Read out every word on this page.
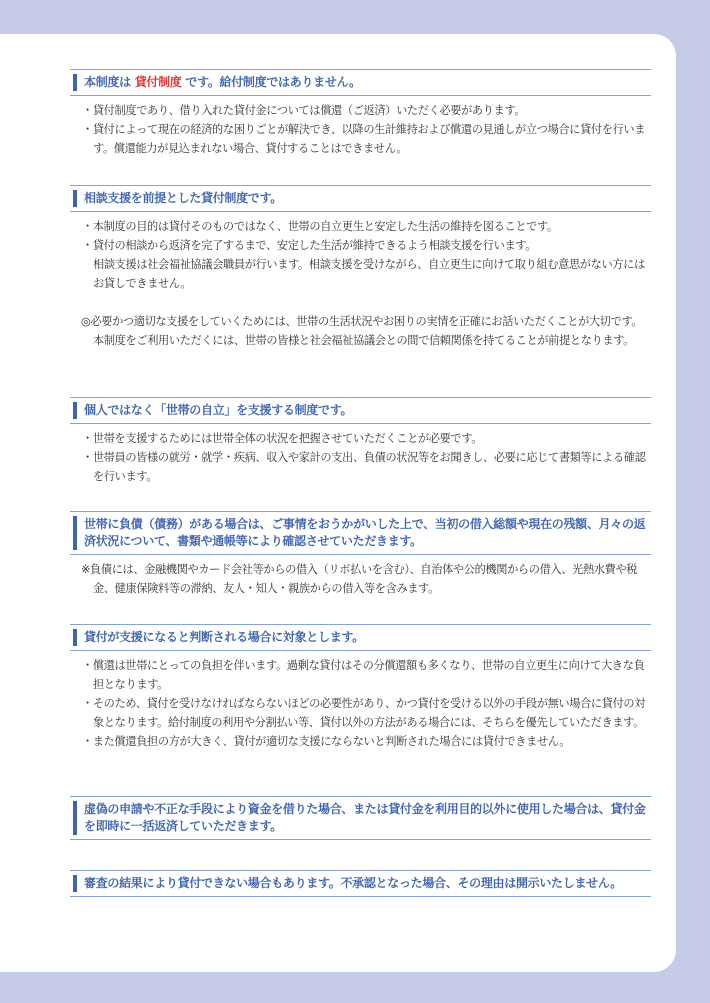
本制度は 貸付制度 です。給付制度ではありません。
・貸付制度であり、借り入れた貸付金については償還（ご返済）いただく必要があります。
・貸付によって現在の経済的な困りごとが解決でき、以降の生計維持および償還の見通しが立つ場合に貸付を行います。償還能力が見込まれない場合、貸付することはできません。
相談支援を前提とした貸付制度です。
・本制度の目的は貸付そのものではなく、世帯の自立更生と安定した生活の維持を図ることです。
・貸付の相談から返済を完了するまで、安定した生活が維持できるよう相談支援を行います。
相談支援は社会福祉協議会職員が行います。相談支援を受けながら、自立更生に向けて取り組む意思がない方にはお貸しできません。
◎必要かつ適切な支援をしていくためには、世帯の生活状況やお困りの実情を正確にお話いただくことが大切です。本制度をご利用いただくには、世帯の皆様と社会福祉協議会との間で信頼関係を持てることが前提となります。
個人ではなく「世帯の自立」を支援する制度です。
・世帯を支援するためには世帯全体の状況を把握させていただくことが必要です。
・世帯員の皆様の就労・就学・疾病、収入や家計の支出、負債の状況等をお聞きし、必要に応じて書類等による確認を行います。
世帯に負債（債務）がある場合は、ご事情をおうかがいした上で、当初の借入総額や現在の残額、月々の返済状況について、書類や通帳等により確認させていただきます。
※負債には、金融機関やカード会社等からの借入（リボ払いを含む）、自治体や公的機関からの借入、光熱水費や税金、健康保険料等の滞納、友人・知人・親族からの借入等を含みます。
貸付が支援になると判断される場合に対象とします。
・償還は世帯にとっての負担を伴います。過剰な貸付はその分償還額も多くなり、世帯の自立更生に向けて大きな負担となります。
・そのため、貸付を受けなければならないほどの必要性があり、かつ貸付を受ける以外の手段が無い場合に貸付の対象となります。給付制度の利用や分割払い等、貸付以外の方法がある場合には、そちらを優先していただきます。
・また償還負担の方が大きく、貸付が適切な支援にならないと判断された場合には貸付できません。
虚偽の申請や不正な手段により資金を借りた場合、または貸付金を利用目的以外に使用した場合は、貸付金を即時に一括返済していただきます。
審査の結果により貸付できない場合もあります。不承認となった場合、その理由は開示いたしません。
